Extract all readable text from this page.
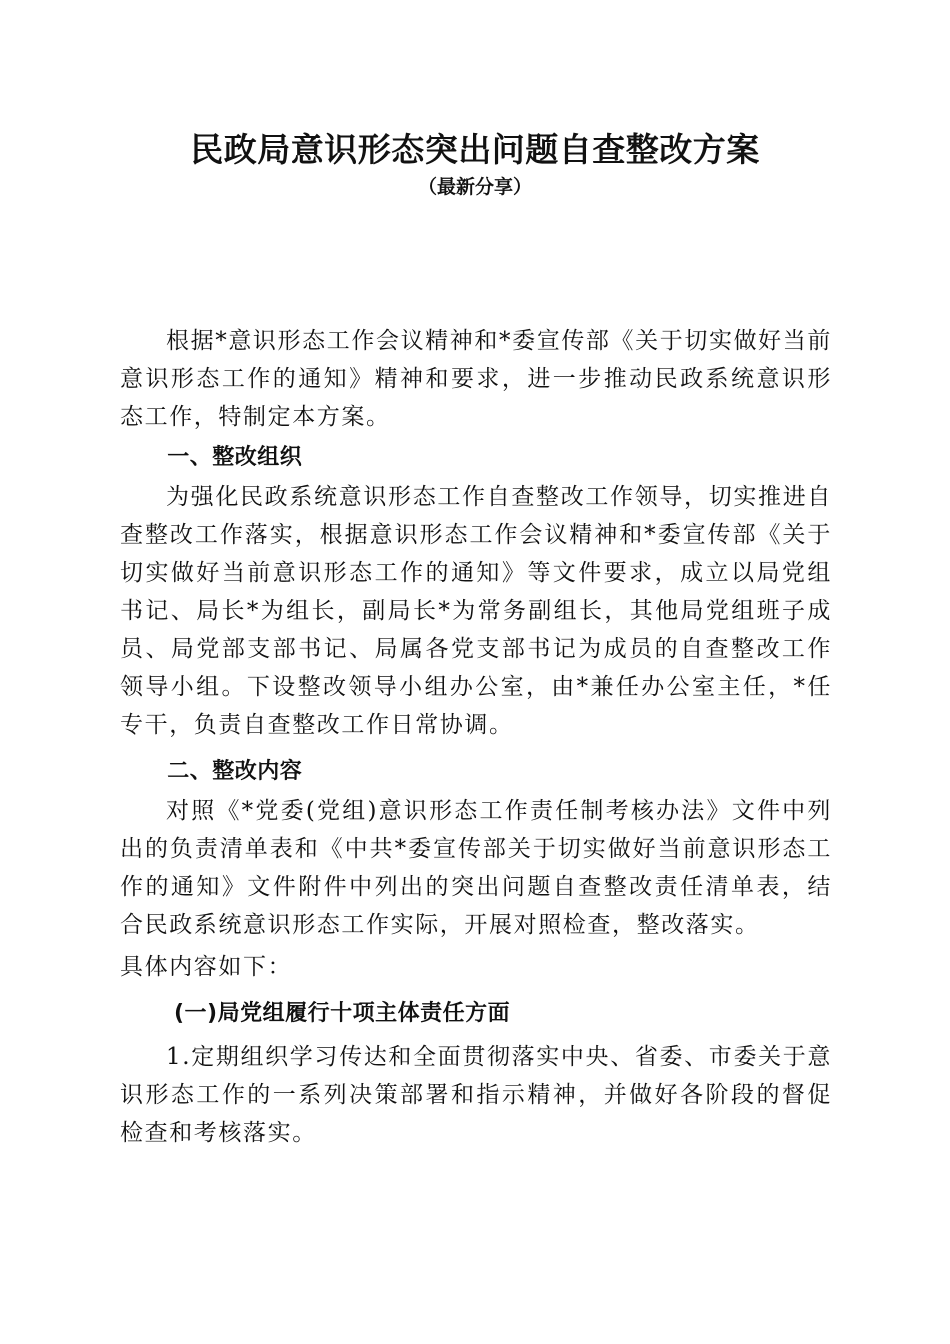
民政局意识形态突出问题自查整改方案
（最新分享）

根据*意识形态工作会议精神和*委宣传部《关于切实做好当前意识形态工作的通知》精神和要求，进一步推动民政系统意识形态工作，特制定本方案。

一、整改组织

为强化民政系统意识形态工作自查整改工作领导，切实推进自查整改工作落实，根据意识形态工作会议精神和*委宣传部《关于切实做好当前意识形态工作的通知》等文件要求，成立以局党组书记、局长*为组长，副局长*为常务副组长，其他局党组班子成员、局党部支部书记、局属各党支部书记为成员的自查整改工作领导小组。下设整改领导小组办公室，由*兼任办公室主任，*任专干，负责自查整改工作日常协调。

二、整改内容

对照《*党委(党组)意识形态工作责任制考核办法》文件中列出的负责清单表和《中共*委宣传部关于切实做好当前意识形态工作的通知》文件附件中列出的突出问题自查整改责任清单表，结合民政系统意识形态工作实际，开展对照检查，整改落实。

具体内容如下：

(一)局党组履行十项主体责任方面

1.定期组织学习传达和全面贯彻落实中央、省委、市委关于意识形态工作的一系列决策部署和指示精神，并做好各阶段的督促检查和考核落实。
